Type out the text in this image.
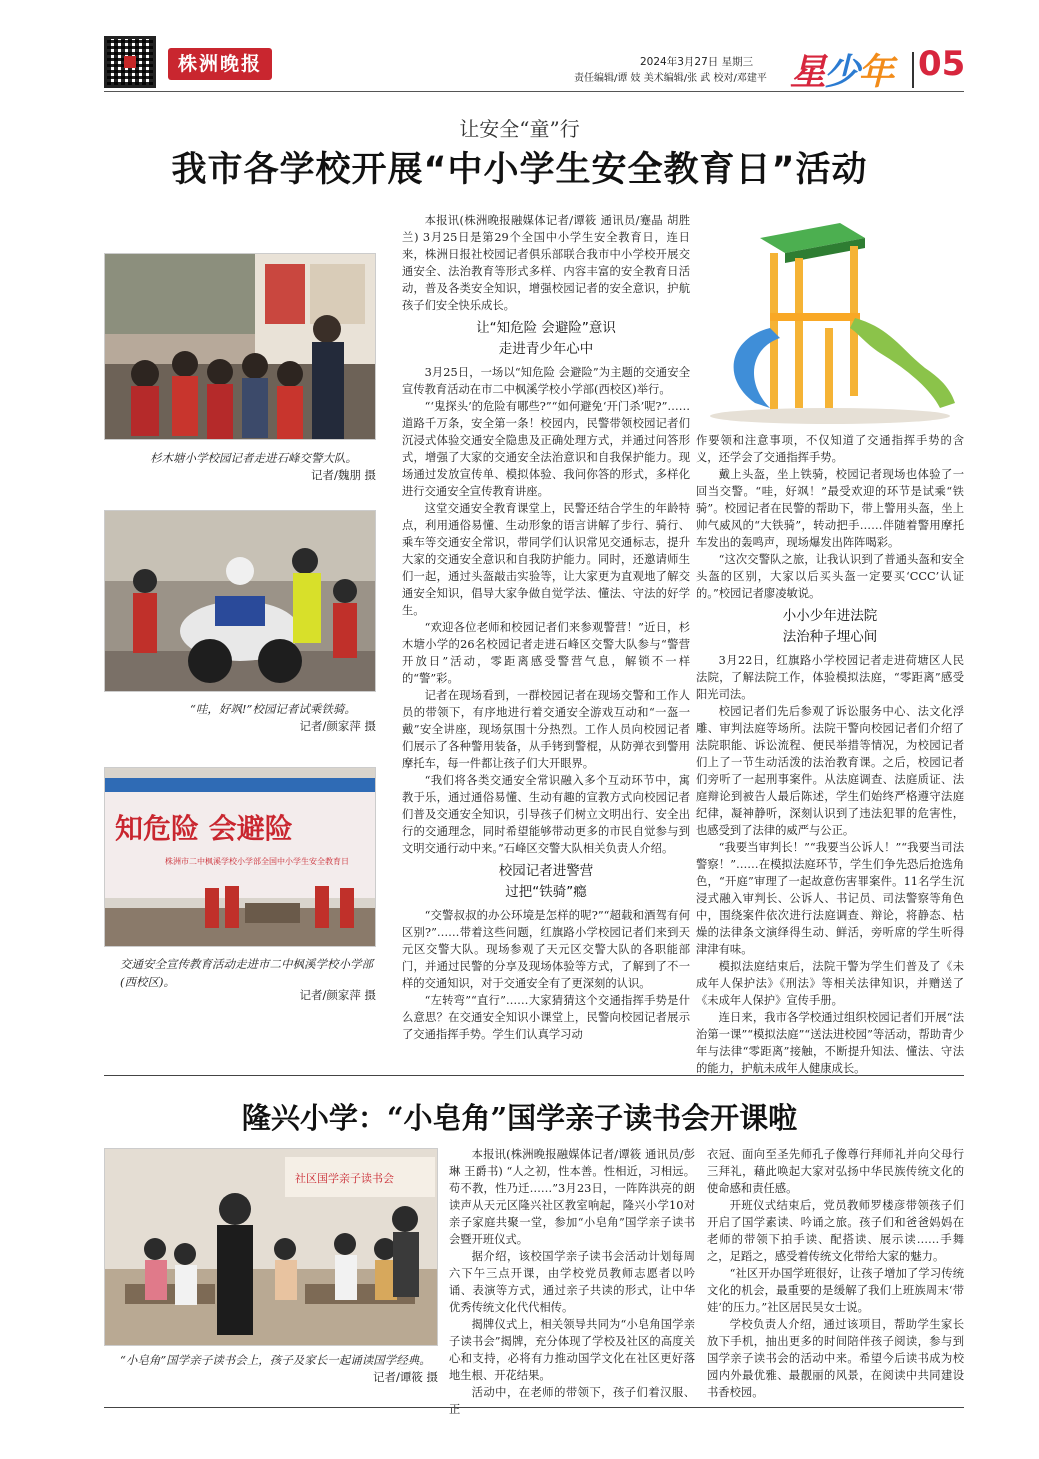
株洲晚报	2024年3月27日 星期三
责任编辑/谭 妓 美术编辑/张 武 校对/邓建平 星少年 05
让安全“童”行
我市各学校开展“中小学生安全教育日”活动
杉木塘小学校园记者走进石峰交警大队。
记者/魏朋 摄
“哇，好飒!”校园记者试乘铁骑。
记者/颜家萍 摄
知危险 会避险
株洲市二中枫溪学校小学部全国中小学生安全教育日
交通安全宣传教育活动走进市二中枫溪学校小学部(西校区)。
记者/颜家萍 摄

本报讯(株洲晚报融媒体记者/谭筱 通讯员/蹇晶 胡胜兰) 3月25日是第29个全国中小学生安全教育日，连日来，株洲日报社校园记者俱乐部联合我市中小学校开展交通安全、法治教育等形式多样、内容丰富的安全教育日活动，普及各类安全知识，增强校园记者的安全意识，护航孩子们安全快乐成长。

让“知危险 会避险”意识

走进青少年心中

3月25日，一场以“知危险 会避险”为主题的交通安全宣传教育活动在市二中枫溪学校小学部(西校区)举行。

“‘鬼探头’的危险有哪些?”“如何避免‘开门杀’呢?”…… 道路千万条，安全第一条！校园内，民警带领校园记者们沉浸式体验交通安全隐患及正确处理方式，并通过问答形式，增强了大家的交通安全法治意识和自我保护能力。现场通过发放宣传单、模拟体验、我问你答的形式，多样化进行交通安全宣传教育讲座。

这堂交通安全教育课堂上，民警还结合学生的年龄特点，利用通俗易懂、生动形象的语言讲解了步行、骑行、乘车等交通安全常识，带同学们认识常见交通标志，提升大家的交通安全意识和自我防护能力。同时，还邀请师生们一起，通过头盔敲击实验等，让大家更为直观地了解交通安全知识，倡导大家争做自觉学法、懂法、守法的好学生。

“欢迎各位老师和校园记者们来参观警营！”近日，杉木塘小学的26名校园记者走进石峰区交警大队参与“警营开放日”活动，零距离感受警营气息，解锁不一样的“警”彩。

记者在现场看到，一群校园记者在现场交警和工作人员的带领下，有序地进行着交通安全游戏互动和“一盔一戴”安全讲座，现场氛围十分热烈。工作人员向校园记者们展示了各种警用装备，从手铐到警棍，从防弹衣到警用摩托车，每一件都让孩子们大开眼界。

“我们将各类交通安全常识融入多个互动环节中，寓教于乐，通过通俗易懂、生动有趣的宣教方式向校园记者们普及交通安全知识，引导孩子们树立文明出行、安全出行的交通理念，同时希望能够带动更多的市民自觉参与到文明交通行动中来。”石峰区交警大队相关负责人介绍。

校园记者进警营

过把“铁骑”瘾

“交警叔叔的办公环境是怎样的呢?”“超载和酒驾有何区别?”……带着这些问题，红旗路小学校园记者们来到天元区交警大队。现场参观了天元区交警大队的各职能部门，并通过民警的分享及现场体验等方式，了解到了不一样的交通知识，对于交通安全有了更深刻的认识。

“左转弯”“直行”……大家猜猜这个交通指挥手势是什么意思？在交通安全知识小课堂上，民警向校园记者展示了交通指挥手势。学生们认真学习动

作要领和注意事项，不仅知道了交通指挥手势的含义，还学会了交通指挥手势。

戴上头盔，坐上铁骑，校园记者现场也体验了一回当交警。“哇，好飒！”最受欢迎的环节是试乘“铁骑”。校园记者在民警的帮助下，带上警用头盔，坐上帅气威风的“大铁骑”，转动把手……伴随着警用摩托车发出的轰鸣声，现场爆发出阵阵喝彩。

“这次交警队之旅，让我认识到了普通头盔和安全头盔的区别，大家以后买头盔一定要买‘CCC’认证的。”校园记者廖凌敏说。

小小少年进法院

法治种子埋心间

3月22日，红旗路小学校园记者走进荷塘区人民法院，了解法院工作，体验模拟法庭，“零距离”感受阳光司法。

校园记者们先后参观了诉讼服务中心、法文化浮雕、审判法庭等场所。法院干警向校园记者们介绍了法院职能、诉讼流程、便民举措等情况，为校园记者们上了一节生动活泼的法治教育课。之后，校园记者们旁听了一起刑事案件。从法庭调查、法庭质证、法庭辩论到被告人最后陈述，学生们始终严格遵守法庭纪律，凝神静听，深刻认识到了违法犯罪的危害性，也感受到了法律的威严与公正。

“我要当审判长！”“我要当公诉人！”“我要当司法警察！”……在模拟法庭环节，学生们争先恐后抢选角色，“开庭”审理了一起故意伤害罪案件。11名学生沉浸式融入审判长、公诉人、书记员、司法警察等角色中，围绕案件依次进行法庭调查、辩论，将静态、枯燥的法律条文演绎得生动、鲜活，旁听席的学生听得津津有味。

模拟法庭结束后，法院干警为学生们普及了《未成年人保护法》《刑法》等相关法律知识，并赠送了《未成年人保护》宣传手册。

连日来，我市各学校通过组织校园记者们开展“法治第一课”“模拟法庭”“送法进校园”等活动，帮助青少年与法律“零距离”接触，不断提升知法、懂法、守法的能力，护航未成年人健康成长。

隆兴小学：“小皂角”国学亲子读书会开课啦
社区国学亲子读书会
“小皂角”国学亲子读书会上，孩子及家长一起诵读国学经典。
记者/谭筱 摄

本报讯(株洲晚报融媒体记者/谭筱 通讯员/彭琳 王爵书) “人之初，性本善。性相近，习相远。苟不教，性乃迁……”3月23日，一阵阵洪亮的朗读声从天元区隆兴社区教室响起，隆兴小学10对亲子家庭共聚一堂，参加“小皂角”国学亲子读书会暨开班仪式。

据介绍，该校国学亲子读书会活动计划每周六下午三点开课，由学校党员教师志愿者以吟诵、表演等方式，通过亲子共读的形式，让中华优秀传统文化代代相传。

揭牌仪式上，相关领导共同为“小皂角国学亲子读书会”揭牌，充分体现了学校及社区的高度关心和支持，必将有力推动国学文化在社区更好落地生根、开花结果。

活动中，在老师的带领下，孩子们着汉服、正

衣冠、面向至圣先师孔子像尊行拜师礼并向父母行三拜礼，藉此唤起大家对弘扬中华民族传统文化的使命感和责任感。

开班仪式结束后，党员教师罗楼彦带领孩子们开启了国学素读、吟诵之旅。孩子们和爸爸妈妈在老师的带领下拍手读、配搭读、展示读……手舞之，足蹈之，感受着传统文化带给大家的魅力。

“社区开办国学班很好，让孩子增加了学习传统文化的机会，最重要的是缓解了我们上班族周末‘带娃’的压力。”社区居民吴女士说。

学校负责人介绍，通过该项目，帮助学生家长放下手机，抽出更多的时间陪伴孩子阅读，参与到国学亲子读书会的活动中来。希望今后读书成为校园内外最优雅、最靓丽的风景，在阅读中共同建设书香校园。
